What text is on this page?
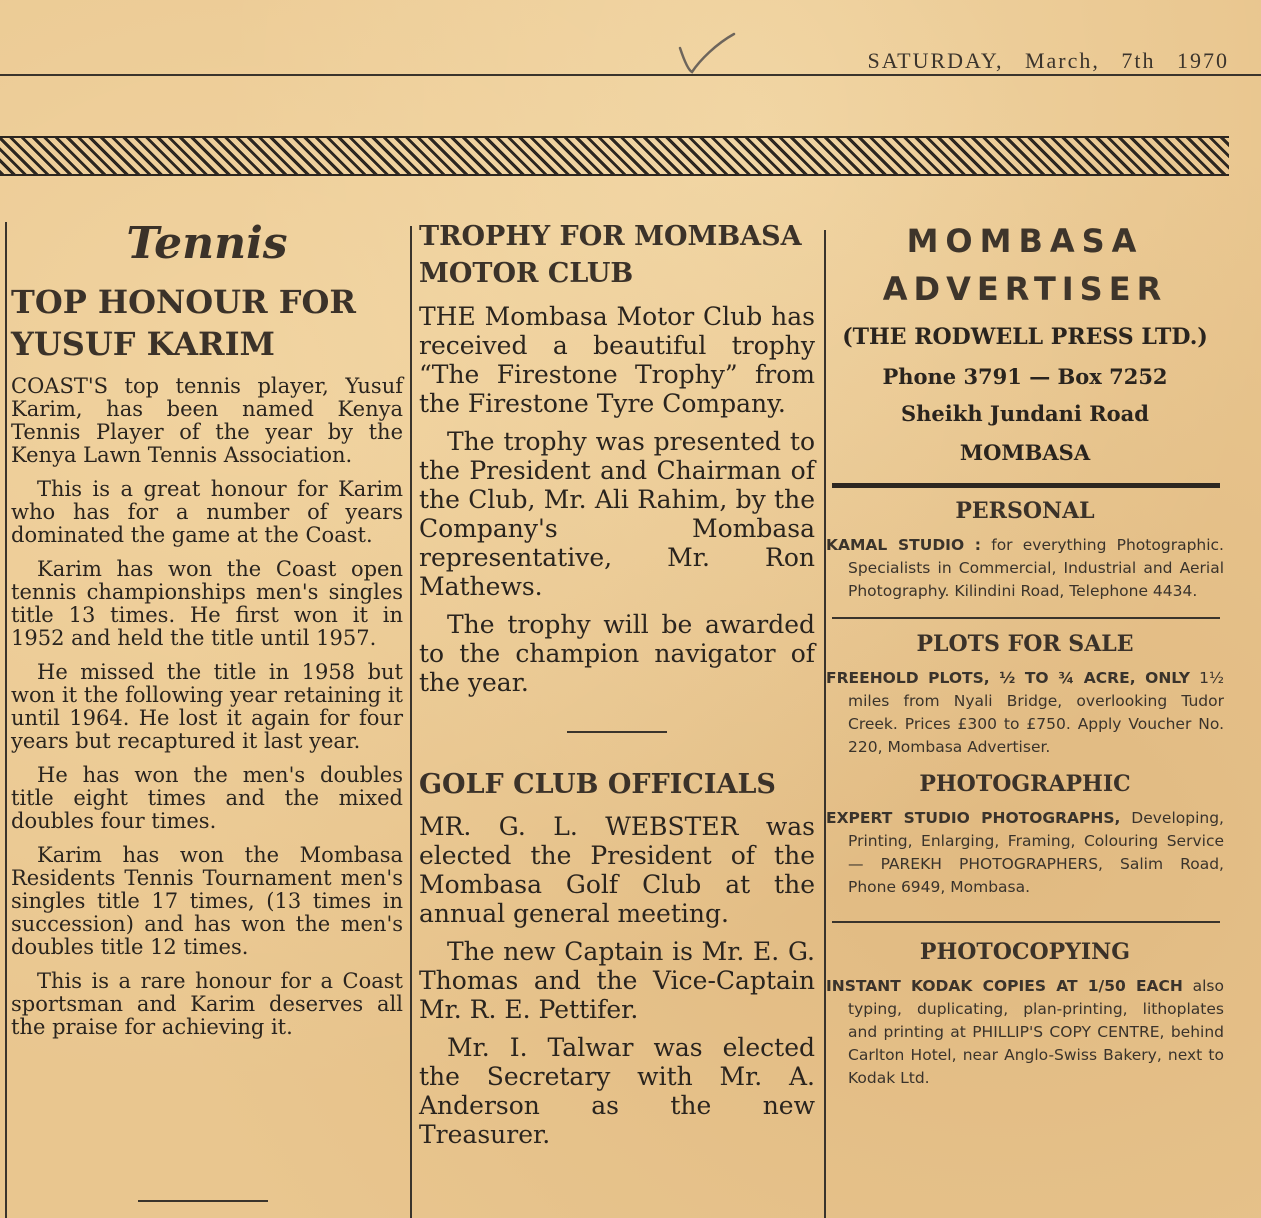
SATURDAY, March, 7th 1970
Tennis
TOP HONOUR FOR
YUSUF KARIM

COAST'S top tennis player, Yusuf Karim, has been named Kenya Tennis Player of the year by the Kenya Lawn Tennis Association.

This is a great honour for Karim who has for a number of years dominated the game at the Coast.

Karim has won the Coast open tennis championships men's singles title 13 times. He first won it in 1952 and held the title until 1957.

He missed the title in 1958 but won it the following year retaining it until 1964. He lost it again for four years but recaptured it last year.

He has won the men's doubles title eight times and the mixed doubles four times.

Karim has won the Mombasa Residents Tennis Tournament men's singles title 17 times, (13 times in succession) and has won the men's doubles title 12 times.

This is a rare honour for a Coast sportsman and Karim deserves all the praise for achieving it.

TROPHY FOR MOMBASA
MOTOR CLUB

THE Mombasa Motor Club has received a beautiful trophy “The Firestone Trophy” from the Firestone Tyre Company.

The trophy was presented to the President and Chairman of the Club, Mr. Ali Rahim, by the Company's Mombasa representative, Mr. Ron Mathews.

The trophy will be awarded to the champion navigator of the year.

GOLF CLUB OFFICIALS

MR. G. L. WEBSTER was elected the President of the Mombasa Golf Club at the annual general meeting.

The new Captain is Mr. E. G. Thomas and the Vice-Captain Mr. R. E. Pettifer.

Mr. I. Talwar was elected the Secretary with Mr. A. Anderson as the new Treasurer.

MOMBASA
ADVERTISER
(THE RODWELL PRESS LTD.)
Phone 3791 — Box 7252
Sheikh Jundani Road
MOMBASA
PERSONAL

KAMAL STUDIO : for everything Photographic. Specialists in Commercial, Industrial and Aerial Photography. Kilindini Road, Telephone 4434.

PLOTS FOR SALE

FREEHOLD PLOTS, ½ TO ¾ ACRE, ONLY 1½ miles from Nyali Bridge, overlooking Tudor Creek. Prices £300 to £750. Apply Voucher No. 220, Mombasa Advertiser.

PHOTOGRAPHIC

EXPERT STUDIO PHOTOGRAPHS, Developing, Printing, Enlarging, Framing, Colouring Service — PAREKH PHOTOGRAPHERS, Salim Road, Phone 6949, Mombasa.

PHOTOCOPYING

INSTANT KODAK COPIES AT 1/50 EACH also typing, duplicating, plan-printing, lithoplates and printing at PHILLIP'S COPY CENTRE, behind Carlton Hotel, near Anglo-Swiss Bakery, next to Kodak Ltd.
